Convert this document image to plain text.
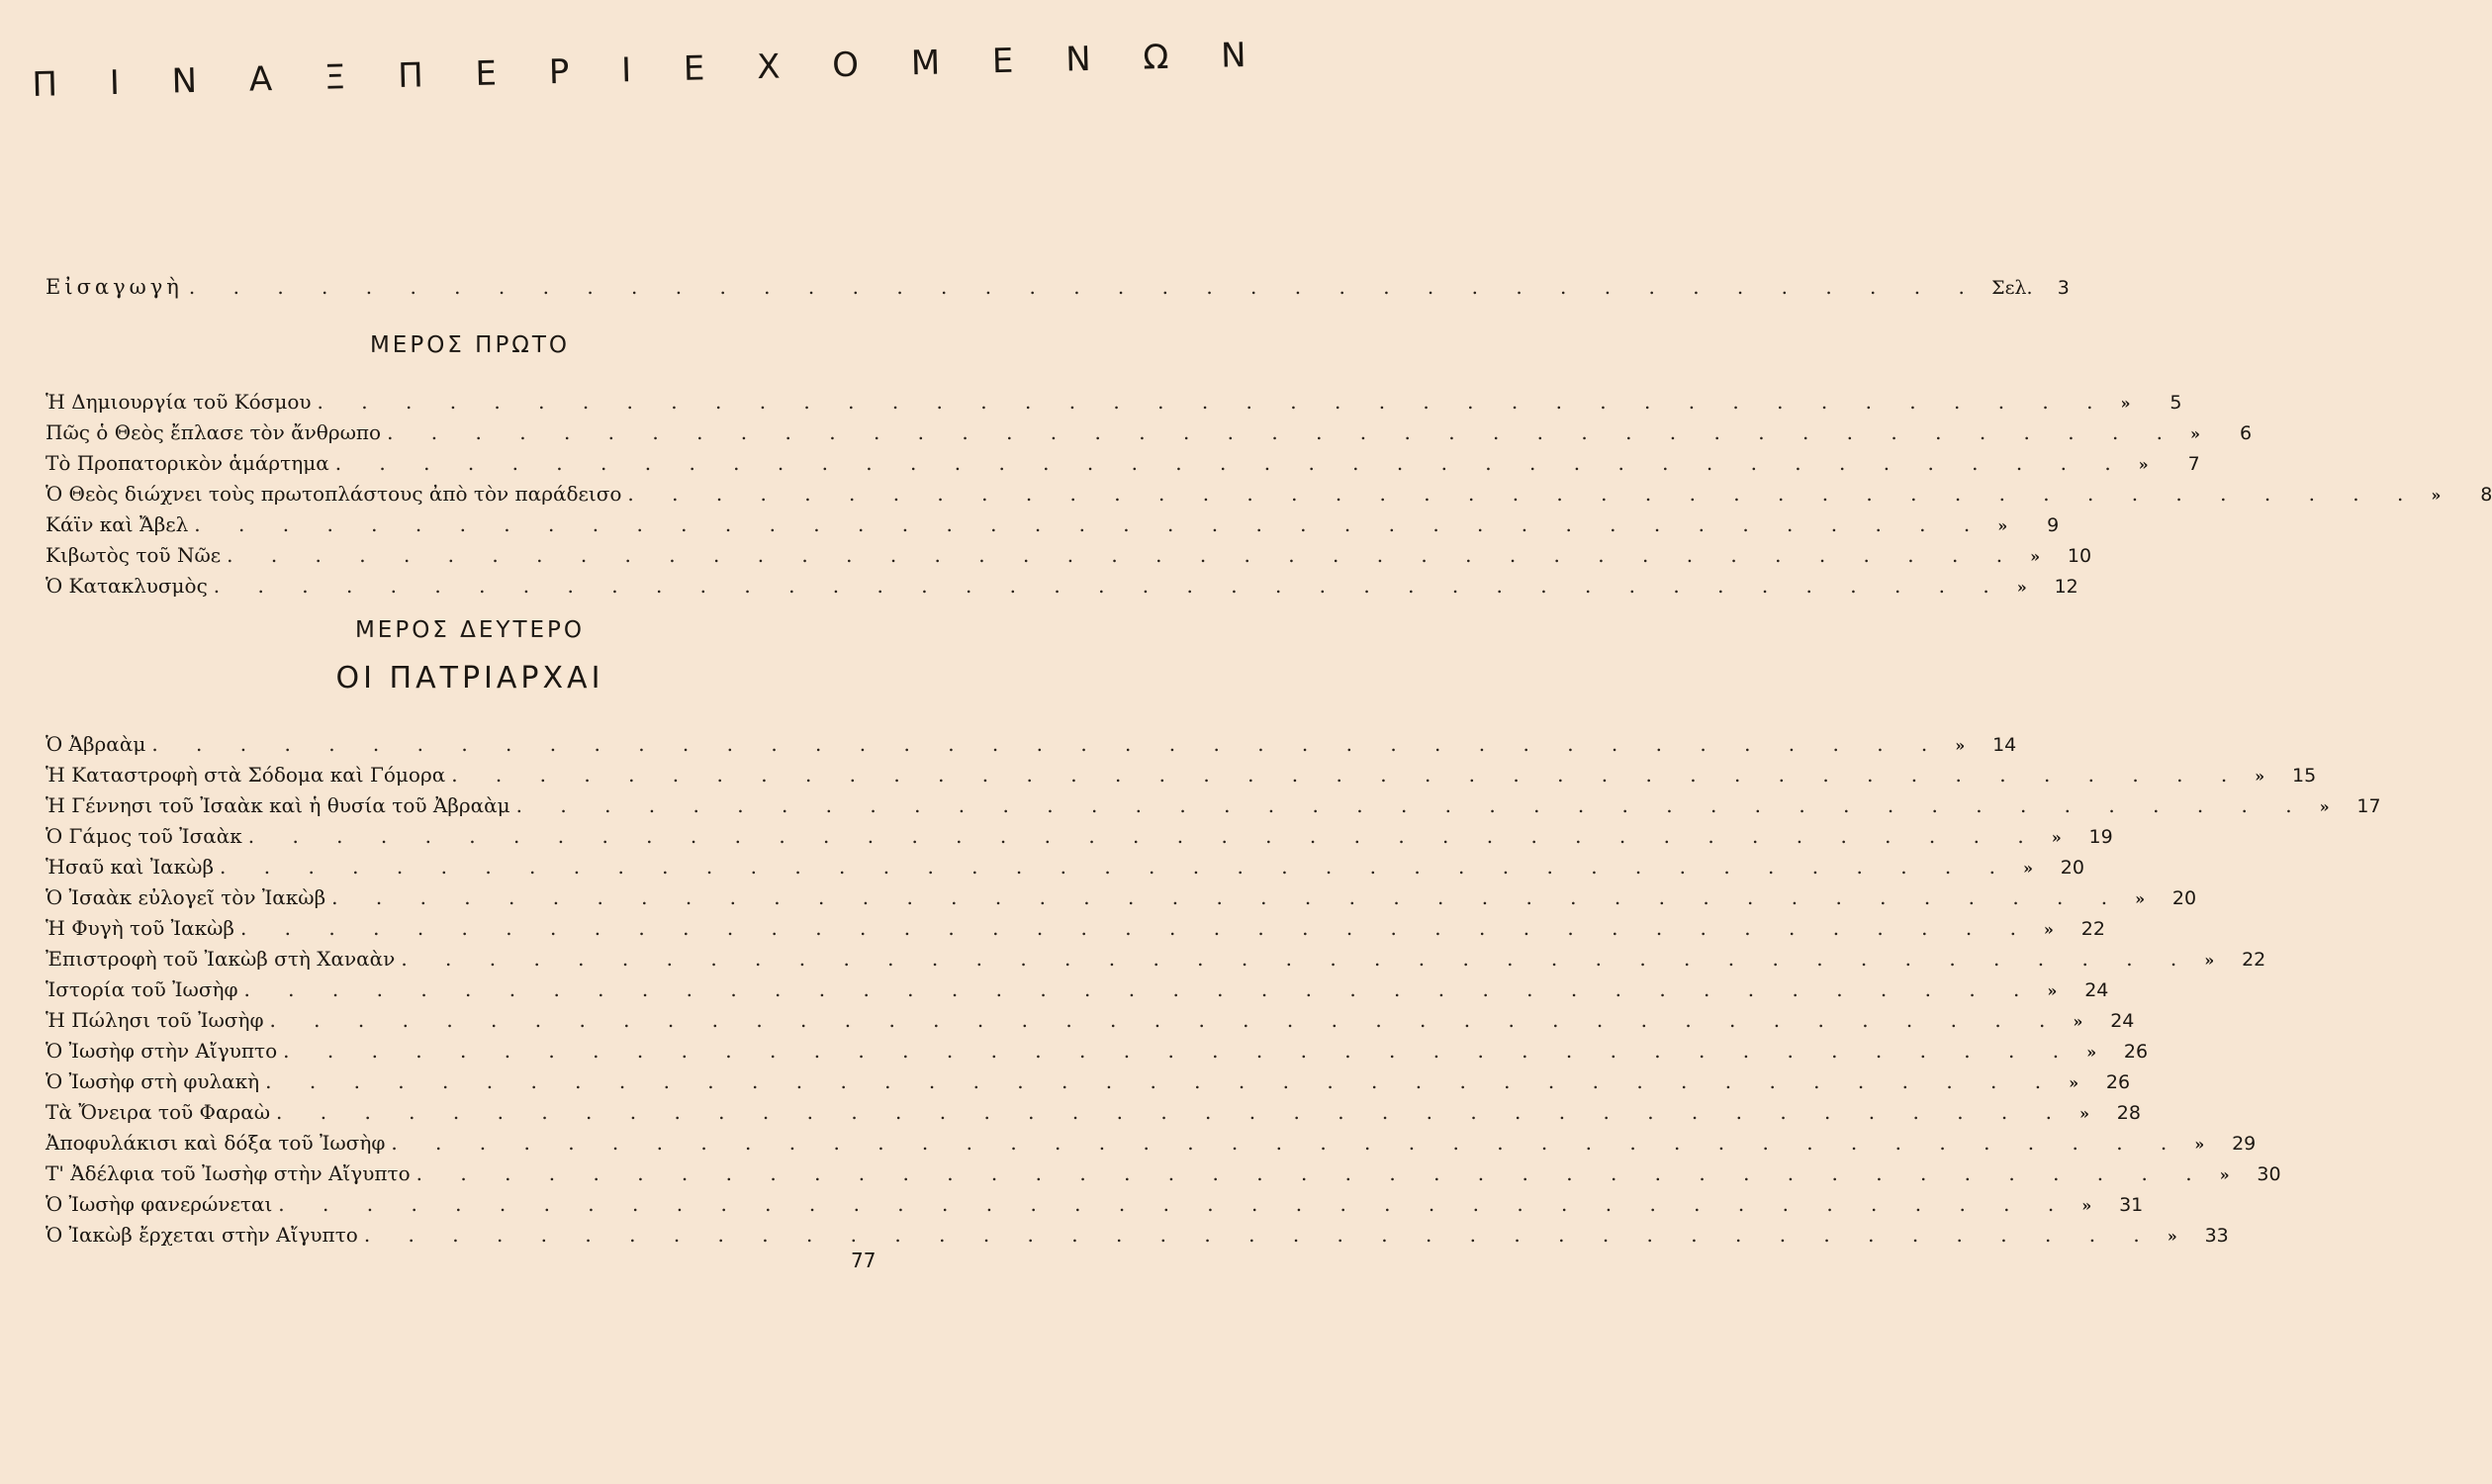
Π Ι Ν Α Ξ Π Ε Ρ Ι Ε Χ Ο Μ Ε Ν Ω Ν
Εἰσαγωγὴ . . .	Σελ.	3
ΜΕΡΟΣ ΠΡΩΤΟ
Ἡ Δημιουργία τοῦ Κόσμου . . .	»	5
Πῶς ὁ Θεὸς ἔπλασε τὸν ἄνθρωπο . . .	»	6
Τὸ Προπατορικὸν ἁμάρτημα . . .	»	7
Ὁ Θεὸς διώχνει τοὺς πρωτοπλάστους ἀπὸ τὸν παράδεισο . . .	»	8
Κάϊν καὶ Ἄβελ . . .	»	9
Κιβωτὸς τοῦ Νῶε . . .	»	10
Ὁ Κατακλυσμὸς . . .	»	12
ΜΕΡΟΣ ΔΕΥΤΕΡΟ
ΟΙ ΠΑΤΡΙΑΡΧΑΙ
Ὁ Ἀβραὰμ . . .	»	14
Ἡ Καταστροφὴ στὰ Σόδομα καὶ Γόμορα . . .	»	15
Ἡ Γέννησι τοῦ Ἰσαὰκ καὶ ἡ θυσία τοῦ Ἀβραὰμ . . .	»	17
Ὁ Γάμος τοῦ Ἰσαὰκ . . .	»	19
Ἡσαῦ καὶ Ἰακὼβ . . .	»	20
Ὁ Ἰσαὰκ εὐλογεῖ τὸν Ἰακὼβ . . .	»	20
Ἡ Φυγὴ τοῦ Ἰακὼβ . . .	»	22
Ἐπιστροφὴ τοῦ Ἰακὼβ στὴ Χαναὰν . . .	»	22
Ἱστορία τοῦ Ἰωσὴφ . . .	»	24
Ἡ Πώλησι τοῦ Ἰωσὴφ . . .	»	24
Ὁ Ἰωσὴφ στὴν Αἴγυπτο . . .	»	26
Ὁ Ἰωσὴφ στὴ φυλακὴ . . .	»	26
Τὰ Ὄνειρα τοῦ Φαραὼ . . .	»	28
Ἀποφυλάκισι καὶ δόξα τοῦ Ἰωσὴφ . . .	»	29
Τ' Ἀδέλφια τοῦ Ἰωσὴφ στὴν Αἴγυπτο . . .	»	30
Ὁ Ἰωσὴφ φανερώνεται . . .	»	31
Ὁ Ἰακὼβ ἔρχεται στὴν Αἴγυπτο . . .	»	33
77
